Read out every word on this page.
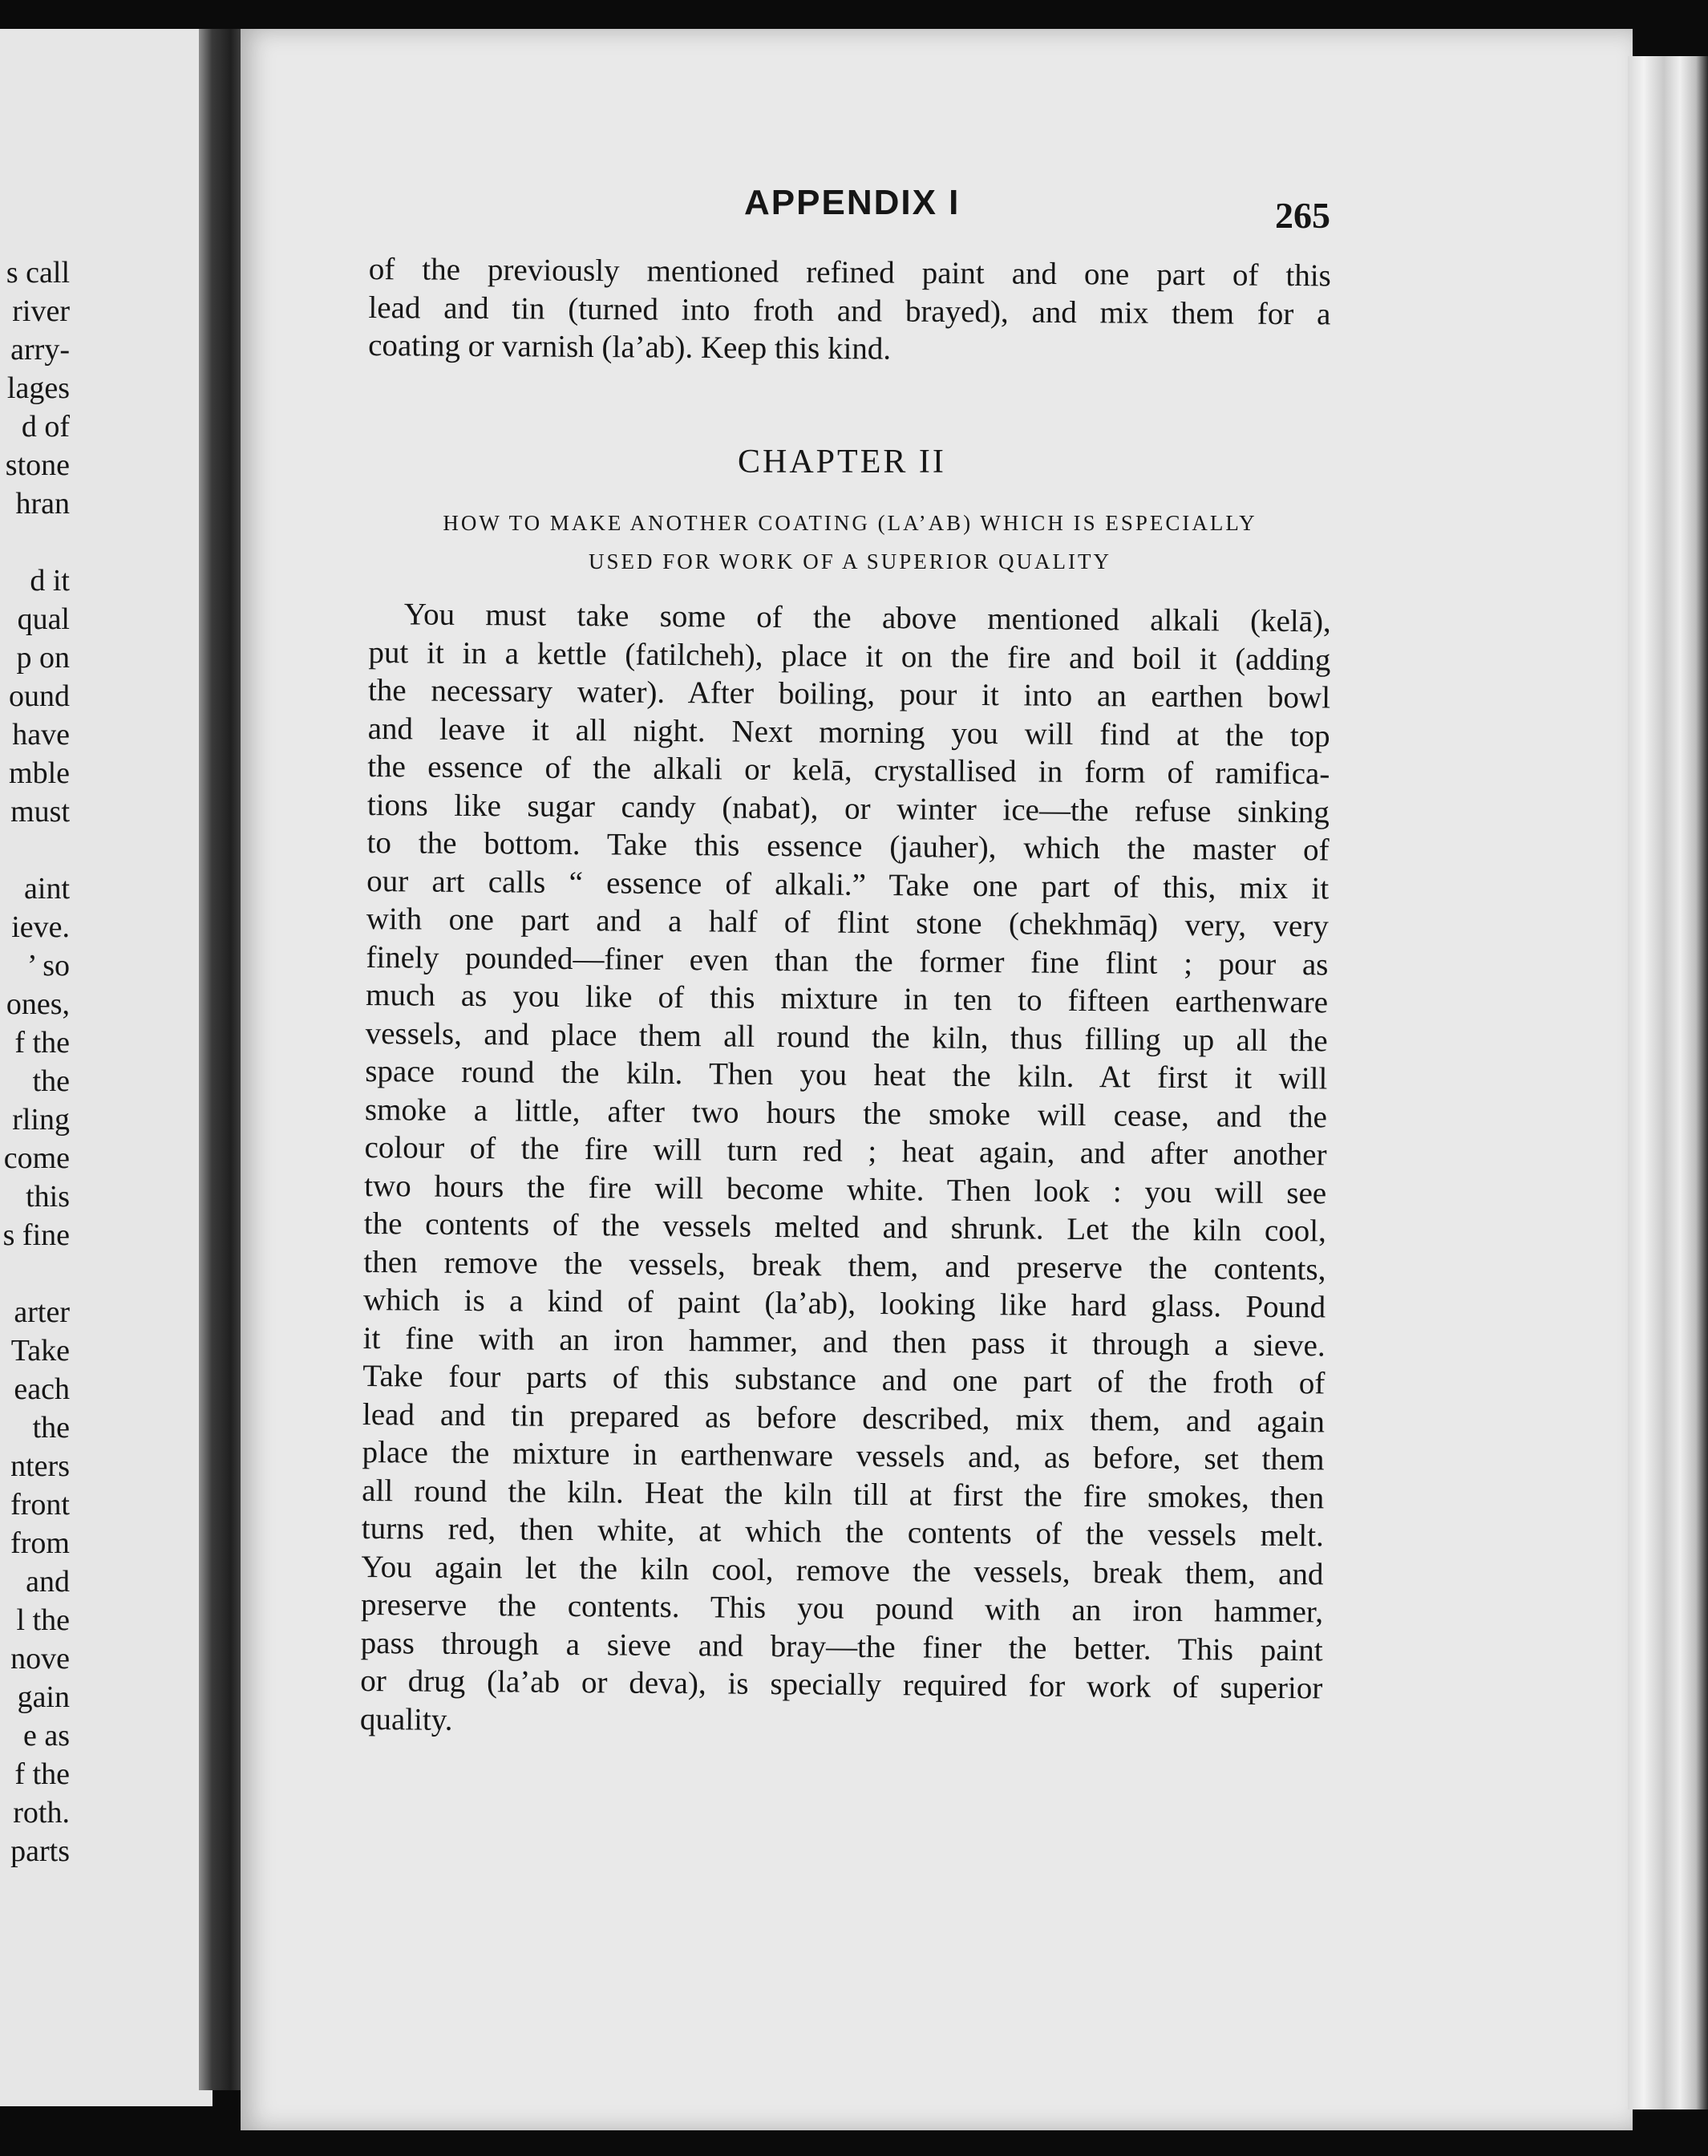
s call
river
arry-
lages
d of
stone
hran

d it
qual
p on
ound
have
mble
must

aint
ieve.
’ so
ones,
f the
the
rling
come
this
s fine

arter
Take
each
the
nters
front
from
and
l the
nove
gain
e as
f the
roth.
parts
APPENDIX I	265
of the previously mentioned refined paint and one part of this
lead and tin (turned into froth and brayed), and mix them for a
coating or varnish (la’ab). Keep this kind.
CHAPTER II
HOW TO MAKE ANOTHER COATING (LA’AB) WHICH IS ESPECIALLY
USED FOR WORK OF A SUPERIOR QUALITY
You must take some of the above mentioned alkali (kelā),
put it in a kettle (fatilcheh), place it on the fire and boil it (adding
the necessary water). After boiling, pour it into an earthen bowl
and leave it all night. Next morning you will find at the top
the essence of the alkali or kelā, crystallised in form of ramifica-
tions like sugar candy (nabat), or winter ice—the refuse sinking
to the bottom. Take this essence (jauher), which the master of
our art calls “ essence of alkali.” Take one part of this, mix it
with one part and a half of flint stone (chekhmāq) very, very
finely pounded—finer even than the former fine flint ; pour as
much as you like of this mixture in ten to fifteen earthenware
vessels, and place them all round the kiln, thus filling up all the
space round the kiln. Then you heat the kiln. At first it will
smoke a little, after two hours the smoke will cease, and the
colour of the fire will turn red ; heat again, and after another
two hours the fire will become white. Then look : you will see
the contents of the vessels melted and shrunk. Let the kiln cool,
then remove the vessels, break them, and preserve the contents,
which is a kind of paint (la’ab), looking like hard glass. Pound
it fine with an iron hammer, and then pass it through a sieve.
Take four parts of this substance and one part of the froth of
lead and tin prepared as before described, mix them, and again
place the mixture in earthenware vessels and, as before, set them
all round the kiln. Heat the kiln till at first the fire smokes, then
turns red, then white, at which the contents of the vessels melt.
You again let the kiln cool, remove the vessels, break them, and
preserve the contents. This you pound with an iron hammer,
pass through a sieve and bray—the finer the better. This paint
or drug (la’ab or deva), is specially required for work of superior
quality.
